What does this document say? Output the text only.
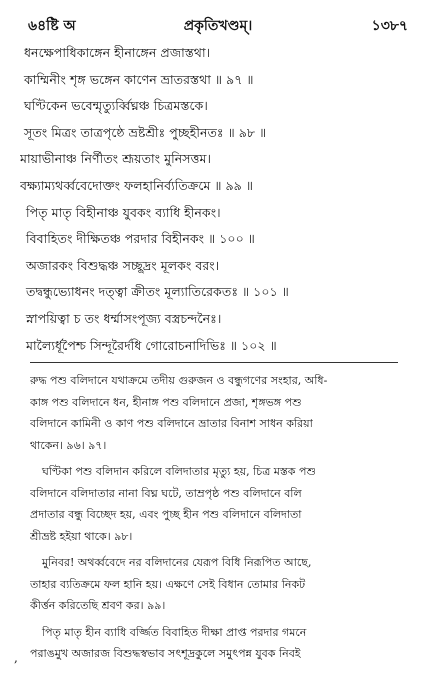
৬৪ষ্টি অ	প্রকৃতিখণ্ডম্।	১৩৮৭
ধনক্ষেপাধিকাঙ্গেন হীনাঙ্গেন প্রজাস্তথা।
কাম্মিনীং শৃঙ্গ ভঙ্গেন কাণেন ভ্রাতরস্তথা ॥ ৯৭ ॥
ঘণ্টিকেন ভবেন্মৃত্যুর্ব্বিঘ্নঞ্চ চিত্রমস্তকে।
সূতং মিত্রং তাত্রপৃষ্ঠে ভ্রষ্টশ্রীঃ পুচ্ছহীনতঃ ॥ ৯৮ ॥
মায়াভীনাঞ্চ নির্ণীতং শ্রূয়তাং মুনিসত্তম।
বক্ষ্যাম্যথর্ব্ববেদোক্তং ফলহানির্ব্যতিক্রমে ॥ ৯৯ ॥
পিতৃ মাতৃ বিহীনাঞ্চ যুবকং ব্যাধি হীনকং।
বিবাহিতং দীক্ষিতঞ্চ পরদার বিহীনকং ॥ ১০০ ॥
অজারকং বিশুদ্ধঞ্চ সচ্ছূদ্রং মূলকং বরং।
তদ্বন্ধুভ্যোধনং দত্ত্বা ক্রীতং মূল্যাতিরেকতঃ ॥ ১০১ ॥
স্নাপয়িত্বা চ তং ধর্ম্মাসংপূজ্য বস্ত্রচন্দনৈঃ।
মাল্যৈর্ধূপৈশ্চ সিন্দূরৈর্দধি গোরোচনাদিভিঃ ॥ ১০২ ॥

রুদ্ধ পশু বলিদানে যথাক্রমে তদীয় গুরুজন ও বন্ধুগণের সংহার, অধি-
কাঙ্গ পশু বলিদানে ধন, হীনাঙ্গ পশু বলিদানে প্রজা, শৃঙ্গভঙ্গ পশু
বলিদানে কামিনী ও কাণ পশু বলিদানে ভ্রাতার বিনাশ সাধন করিয়া
থাকেন। ৯৬। ৯৭।

ঘণ্টিকা পশু বলিদান করিলে বলিদাতার মৃত্যু হয়, চিত্র মস্তক পশু
বলিদানে বলিদাতার নানা বিঘ্ন ঘটে, তাম্রপৃষ্ঠ পশু বলিদানে বলি
প্রদাতার বন্ধু বিচ্ছেদ হয়, এবং পুচ্ছ হীন পশু বলিদানে বলিদাতা
শ্রীভ্রষ্ট হইয়া থাকে। ৯৮।

মুনিবর! অথর্ব্ববেদে নর বলিদানের যেরূপ বিধি নিরূপিত আছে,
তাহার ব্যতিক্রমে ফল হানি হয়। এক্ষণে সেই বিধান তোমার নিকট
কীর্ত্তন করিতেছি শ্রবণ কর। ৯৯।

পিতৃ মাতৃ হীন ব্যাধি বর্জ্জিত বিবাহিত দীক্ষা প্রাপ্ত পরদার গমনে
পরাঙমুখ অজারজ বিশুদ্ধস্বভাব সৎশূদ্রকুলে সমুৎপন্ন যুবক নিবই

,
